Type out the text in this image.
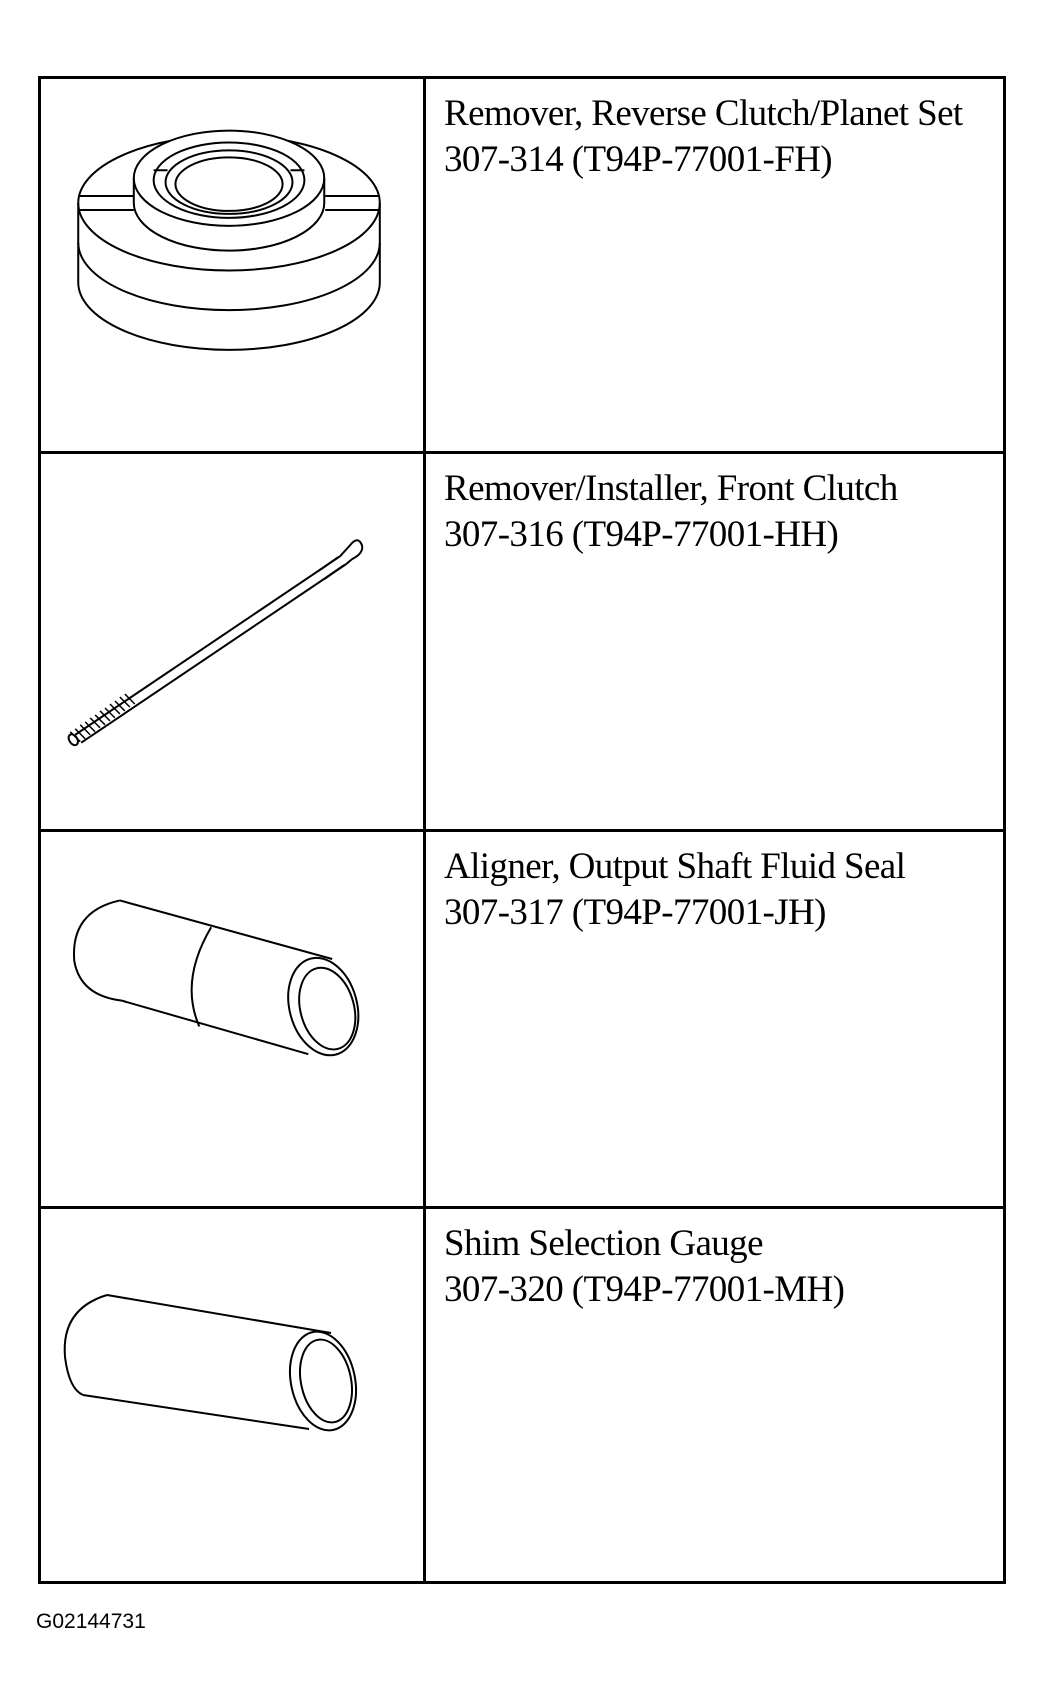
Remover, Reverse Clutch/Planet Set
307-314 (T94P-77001-FH)
Remover/Installer, Front Clutch
307-316 (T94P-77001-HH)
Aligner, Output Shaft Fluid Seal
307-317 (T94P-77001-JH)
Shim Selection Gauge
307-320 (T94P-77001-MH)
G02144731
